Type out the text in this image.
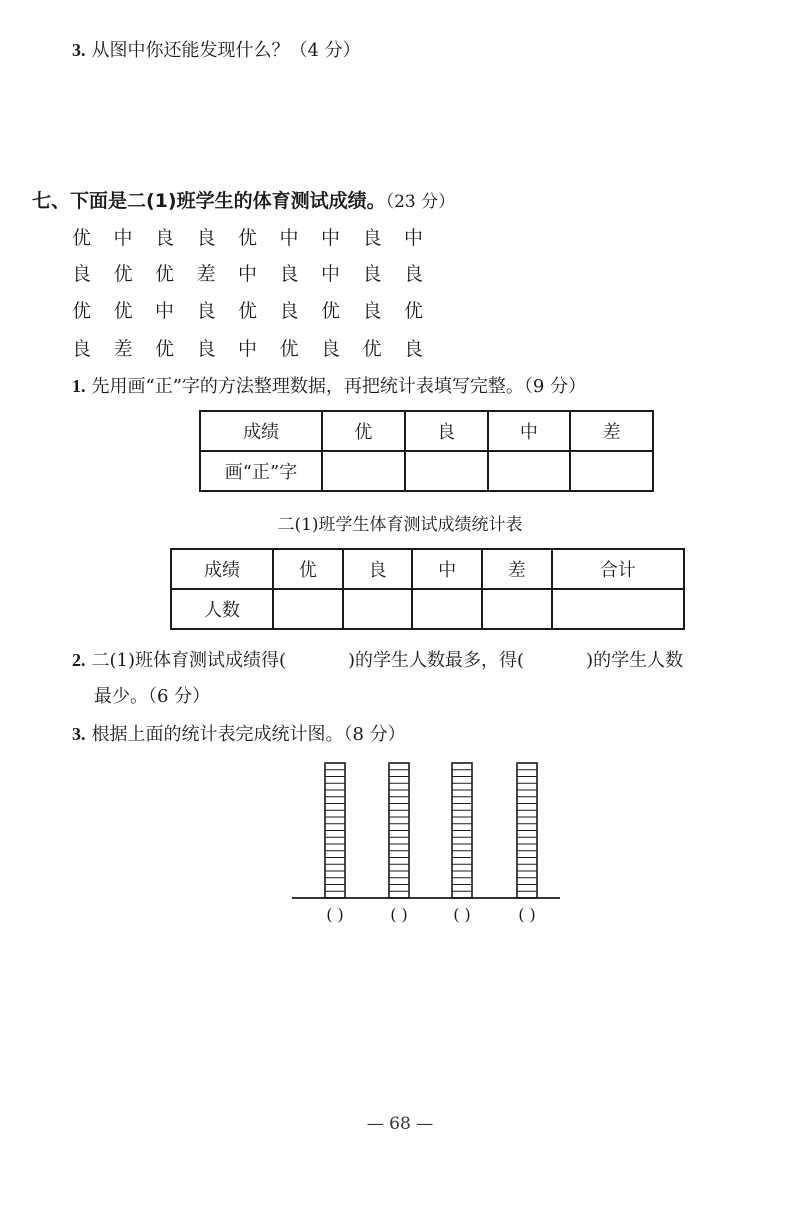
3. 从图中你还能发现什么？（4 分）
七、下面是二(1)班学生的体育测试成绩。（23 分）
优 中 良 良 优 中 中 良 中
良 优 优 差 中 良 中 良 良
优 优 中 良 优 良 优 良 优
良 差 优 良 中 优 良 优 良
1. 先用画“正”字的方法整理数据，再把统计表填写完整。（9 分）
成绩	优	良	中	差
画“正”字				
二(1)班学生体育测试成绩统计表
成绩	优	良	中	差	合计
人数					
2. 二(1)班体育测试成绩得(	)的学生人数最多，得(	)的学生人数
最少。（6 分）
3. 根据上面的统计表完成统计图。（8 分）
( )	( )	( )	( )
— 68 —
